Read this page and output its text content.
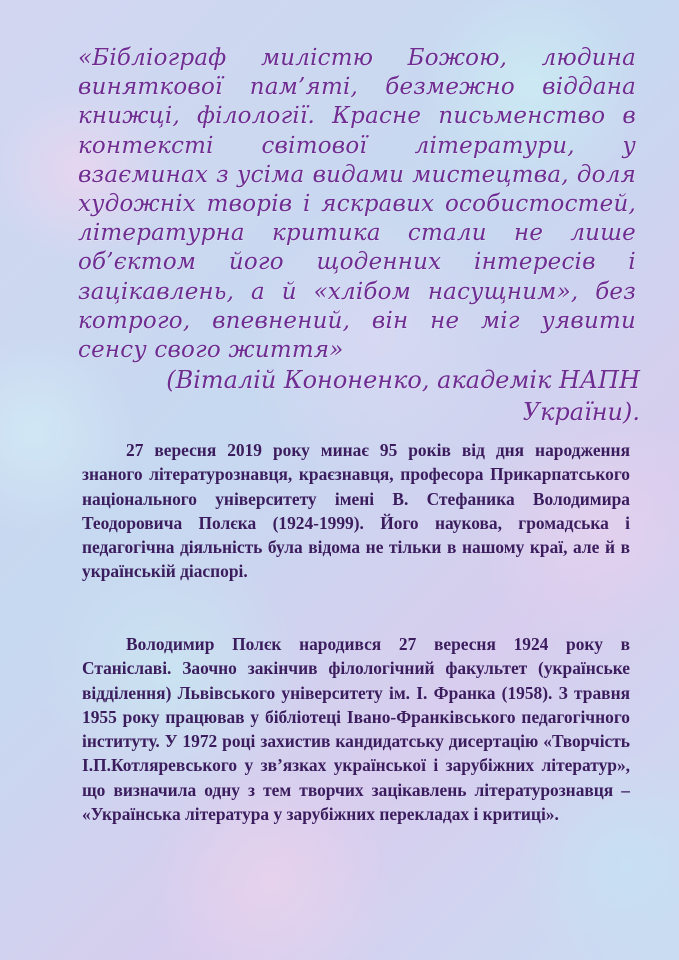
«Бібліограф милістю Божою, людина виняткової пам’яті, безмежно віддана книжці, філології. Красне письменство в контексті світової літератури, у взаєминах з усіма видами мистецтва, доля художніх творів і яскравих особистостей, літературна критика стали не лише об’єктом його щоденних інтересів і зацікавлень, а й «хлібом насущним», без котрого, впевнений, він не міг уявити сенсу свого життя»
(Віталій Кононенко, академік НАПН України).

27 вересня 2019 року минає 95 років від дня народження знаного літературознавця, краєзнавця, професора Прикарпатського національного університету імені В. Стефаника Володимира Теодоровича Полєка (1924-1999). Його наукова, громадська і педагогічна діяльність була відома не тільки в нашому краї, але й в українській діаспорі.

Володимир Полєк народився 27 вересня 1924 року в Станіславі. Заочно закінчив філологічний факультет (українське відділення) Львівського університету ім. І. Франка (1958). З травня 1955 року працював у бібліотеці Івано-Франківського педагогічного інституту. У 1972 році захистив кандидатську дисертацію «Творчість І.П.Котляревського у зв’язках української і зарубіжних літератур», що визначила одну з тем творчих зацікавлень літературознавця – «Українська література у зарубіжних перекладах і критиці».
